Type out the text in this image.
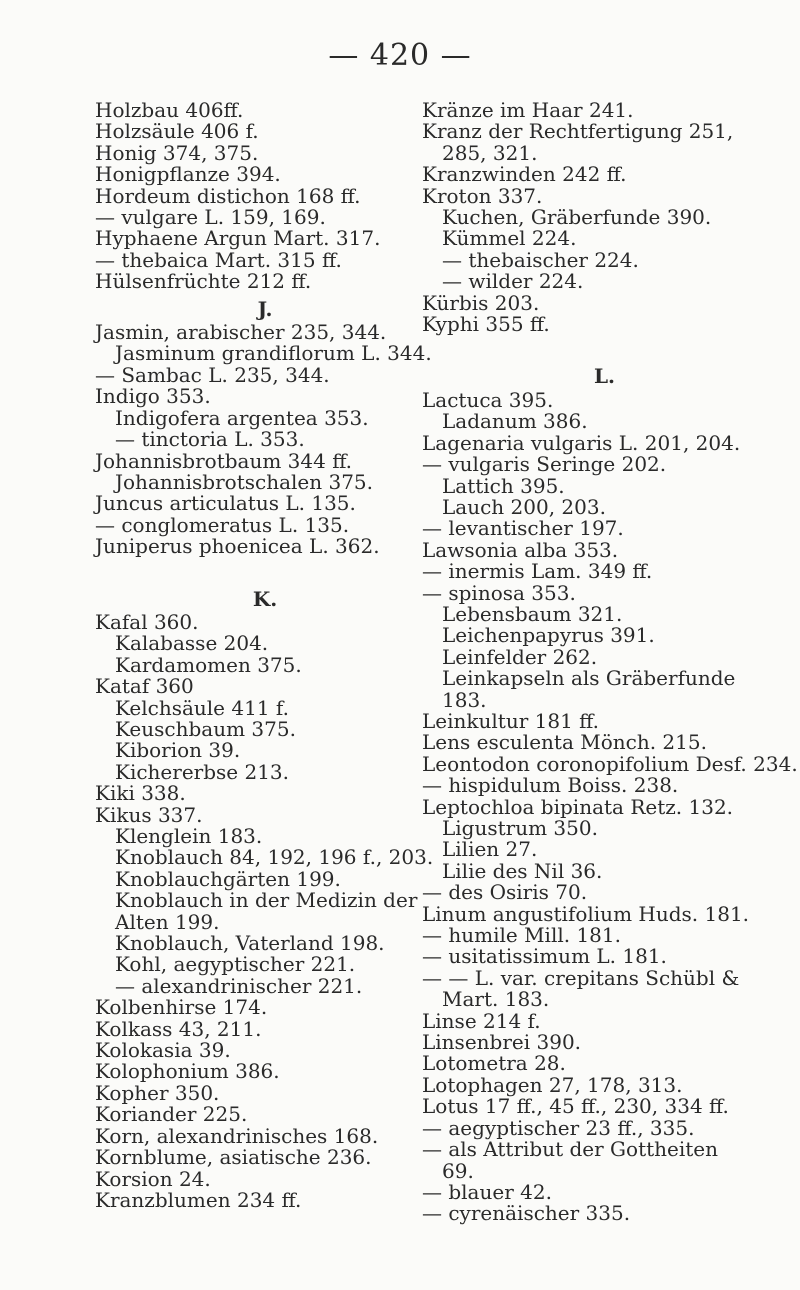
— 420 —
Holzbau 406ff.
Holzsäule 406 f.
Honig 374, 375.
Honigpflanze 394.
Hordeum distichon 168 ff.
— vulgare L. 159, 169.
Hyphaene Argun Mart. 317.
— thebaica Mart. 315 ff.
Hülsenfrüchte 212 ff.
J.
Jasmin, arabischer 235, 344.
Jasminum grandiflorum L. 344.
— Sambac L. 235, 344.
Indigo 353.
Indigofera argentea 353.
— tinctoria L. 353.
Johannisbrotbaum 344 ff.
Johannisbrotschalen 375.
Juncus articulatus L. 135.
— conglomeratus L. 135.
Juniperus phoenicea L. 362.
K.
Kafal 360.
Kalabasse 204.
Kardamomen 375.
Kataf 360
Kelchsäule 411 f.
Keuschbaum 375.
Kiborion 39.
Kichererbse 213.
Kiki 338.
Kikus 337.
Klenglein 183.
Knoblauch 84, 192, 196 f., 203.
Knoblauchgärten 199.
Knoblauch in der Medizin der
Alten 199.
Knoblauch, Vaterland 198.
Kohl, aegyptischer 221.
— alexandrinischer 221.
Kolbenhirse 174.
Kolkass 43, 211.
Kolokasia 39.
Kolophonium 386.
Kopher 350.
Koriander 225.
Korn, alexandrinisches 168.
Kornblume, asiatische 236.
Korsion 24.
Kranzblumen 234 ff.
Kränze im Haar 241.
Kranz der Rechtfertigung 251,
285, 321.
Kranzwinden 242 ff.
Kroton 337.
Kuchen, Gräberfunde 390.
Kümmel 224.
— thebaischer 224.
— wilder 224.
Kürbis 203.
Kyphi 355 ff.
L.
Lactuca 395.
Ladanum 386.
Lagenaria vulgaris L. 201, 204.
— vulgaris Seringe 202.
Lattich 395.
Lauch 200, 203.
— levantischer 197.
Lawsonia alba 353.
— inermis Lam. 349 ff.
— spinosa 353.
Lebensbaum 321.
Leichenpapyrus 391.
Leinfelder 262.
Leinkapseln als Gräberfunde
183.
Leinkultur 181 ff.
Lens esculenta Mönch. 215.
Leontodon coronopifolium Desf. 234.
— hispidulum Boiss. 238.
Leptochloa bipinata Retz. 132.
Ligustrum 350.
Lilien 27.
Lilie des Nil 36.
— des Osiris 70.
Linum angustifolium Huds. 181.
— humile Mill. 181.
— usitatissimum L. 181.
— — L. var. crepitans Schübl &
Mart. 183.
Linse 214 f.
Linsenbrei 390.
Lotometra 28.
Lotophagen 27, 178, 313.
Lotus 17 ff., 45 ff., 230, 334 ff.
— aegyptischer 23 ff., 335.
— als Attribut der Gottheiten
69.
— blauer 42.
— cyrenäischer 335.
